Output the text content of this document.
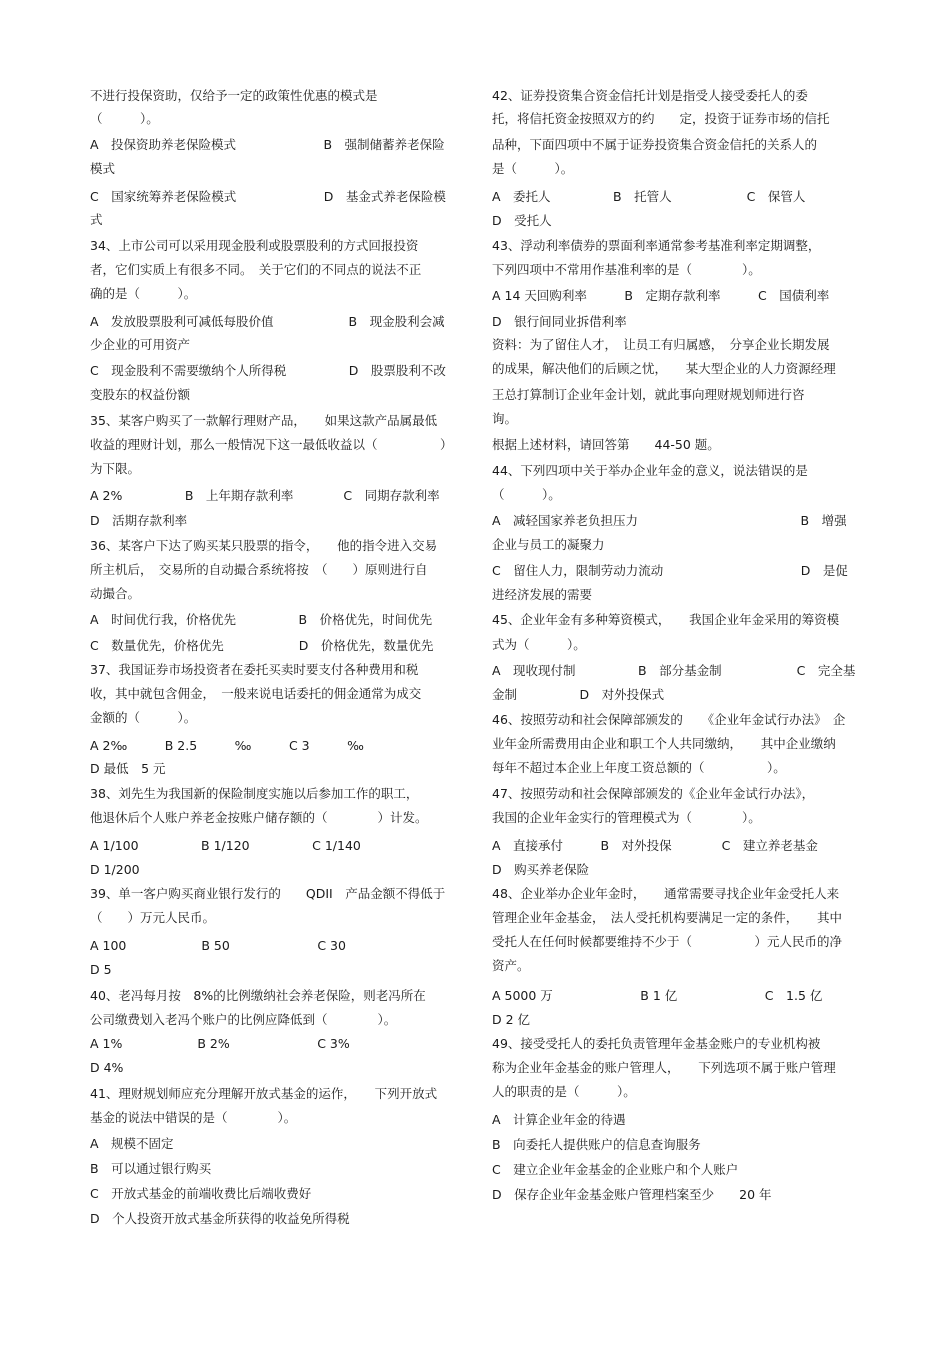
不进行投保资助，仅给予一定的政策性优惠的模式是
（　　　）。
A　投保资助养老保险模式　　　　　　　B　强制储蓄养老保险
模式
C　国家统筹养老保险模式　　　　　　　D　基金式养老保险模
式
34、上市公司可以采用现金股利或股票股利的方式回报投资
者，它们实质上有很多不同。　关于它们的不同点的说法不正
确的是（　　　）。
A　发放股票股利可减低每股价值　　　　　　B　现金股利会减
少企业的可用资产
C　现金股利不需要缴纳个人所得税　　　　　D　股票股利不改
变股东的权益份额
35、某客户购买了一款解行理财产品，　　如果这款产品属最低
收益的理财计划，那么一般情况下这一最低收益以（　　　　　）
为下限。
A 2%　　　　　B　上年期存款利率　　　　C　同期存款利率
D　活期存款利率
36、某客户下达了购买某只股票的指令，　　他的指令进入交易
所主机后，　交易所的自动撮合系统将按　（　　）原则进行自
动撮合。
A　时间优行我，价格优先　　　　　B　价格优先，时间优先
C　数量优先，价格优先　　　　　　D　价格优先，数量优先
37、我国证券市场投资者在委托买卖时要支付各种费用和税
收，其中就包含佣金，　一般来说电话委托的佣金通常为成交
金额的（　　　）。
A 2‰　　　B 2.5　　　‰　　　C 3　　　‰
D 最低　5 元
38、刘先生为我国新的保险制度实施以后参加工作的职工，
他退休后个人账户养老金按账户储存额的（　　　　）计发。
A 1/100　　　　　B 1/120　　　　　C 1/140
D 1/200
39、单一客户购买商业银行发行的　　QDII　产品金额不得低于
（　　）万元人民币。
A 100　　　　　　B 50　　　　　　　C 30
D 5
40、老冯每月按　8%的比例缴纳社会养老保险，则老冯所在
公司缴费划入老冯个账户的比例应降低到（　　　　）。
A 1%　　　　　　B 2%　　　　　　　C 3%
D 4%
41、理财规划师应充分理解开放式基金的运作，　　下列开放式
基金的说法中错误的是（　　　　）。
A　规模不固定
B　可以通过银行购买
C　开放式基金的前端收费比后端收费好
D　个人投资开放式基金所获得的收益免所得税
42、证券投资集合资金信托计划是指受人接受委托人的委
托，将信托资金按照双方的约　　定，投资于证券市场的信托
品种，下面四项中不属于证券投资集合资金信托的关系人的
是（　　　）。
A　委托人　　　　　B　托管人　　　　　　C　保管人
D　受托人
43、浮动利率债券的票面利率通常参考基准利率定期调整，
下列四项中不常用作基准利率的是（　　　　）。
A 14 天回购利率　　　B　定期存款利率　　　C　国债利率
D　银行间同业拆借利率
资料：为了留住人才，　让员工有归属感，　分享企业长期发展
的成果，解决他们的后顾之忧，　　某大型企业的人力资源经理
王总打算制订企业年金计划，就此事向理财规划师进行咨
询。
根据上述材料，请回答第　　44-50 题。
44、下列四项中关于举办企业年金的意义，说法错误的是
（　　　）。
A　减轻国家养老负担压力　　　　　　　　　　　　　B　增强
企业与员工的凝聚力
C　留住人力，限制劳动力流动　　　　　　　　　　　D　是促
进经济发展的需要
45、企业年金有多种筹资模式，　　我国企业年金采用的筹资模
式为（　　　）。
A　现收现付制　　　　　B　部分基金制　　　　　　C　完全基
金制　　　　　D　对外投保式
46、按照劳动和社会保障部颁发的　　《企业年金试行办法》　企
业年金所需费用由企业和职工个人共同缴纳，　　其中企业缴纳
每年不超过本企业上年度工资总额的（　　　　　）。
47、按照劳动和社会保障部颁发的《企业年金试行办法》，
我国的企业年金实行的管理模式为（　　　　）。
A　直接承付　　　B　对外投保　　　　C　建立养老基金
D　购买养老保险
48、企业举办企业年金时，　　通常需要寻找企业年金受托人来
管理企业年金基金，　法人受托机构要满足一定的条件，　　其中
受托人在任何时候都要维持不少于（　　　　　）元人民币的净
资产。
A 5000 万　　　　　　　B 1 亿　　　　　　　C　1.5 亿
D 2 亿
49、接受受托人的委托负责管理年金基金账户的专业机构被
称为企业年金基金的账户管理人，　　下列选项不属于账户管理
人的职责的是（　　　）。
A　计算企业年金的待遇
B　向委托人提供账户的信息查询服务
C　建立企业年金基金的企业账户和个人账户
D　保存企业年金基金账户管理档案至少　　20 年
